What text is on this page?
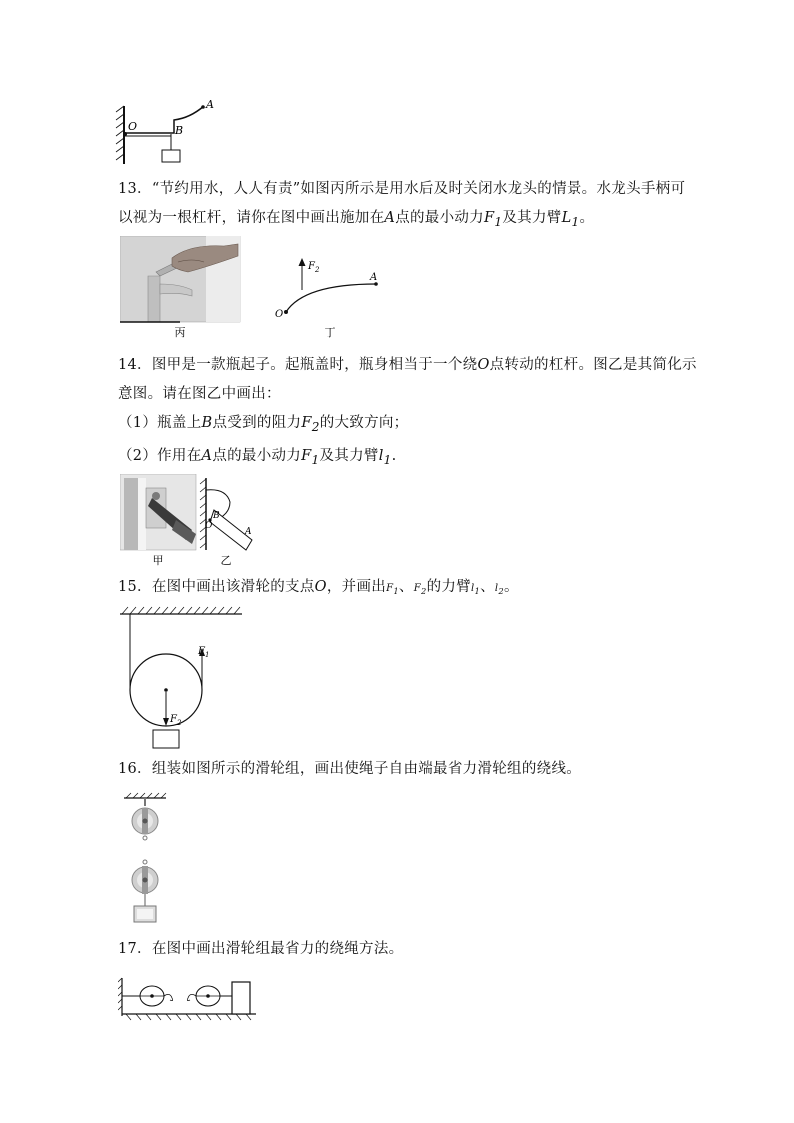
O
A
B
13．“节约用水，人人有责”如图丙所示是用水后及时关闭水龙头的情景。水龙头手柄可以视为一根杠杆，请你在图中画出施加在A点的最小动力$F_1$及其力臂$L_1$。
丙
$F_2$
A
O
丁
14．图甲是一款瓶起子。起瓶盖时，瓶身相当于一个绕O点转动的杠杆。图乙是其简化示意图。请在图乙中画出：
（1）瓶盖上B点受到的阻力$F_2$的大致方向；
（2）作用在A点的最小动力$F_1$及其力臂$l_1$.
甲
B
O
A
乙
15．在图中画出该滑轮的支点O，并画出$F_1$、$F_2$的力臂$l_1$、$l_2$。
$F_1$
$F_2$
16．组装如图所示的滑轮组，画出使绳子自由端最省力滑轮组的绕线。
17．在图中画出滑轮组最省力的绕绳方法。
